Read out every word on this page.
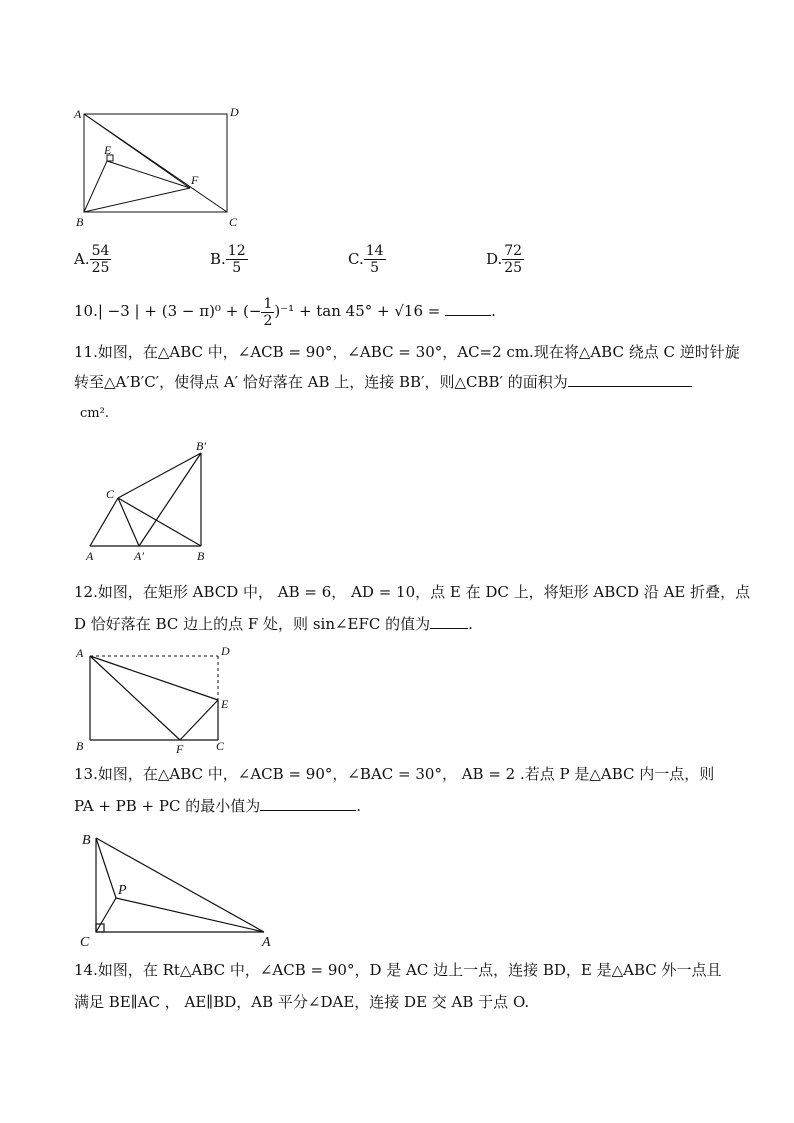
A	D
E
F
B	C
A. $\frac{54}{25}$	B. $\frac{12}{5}$	C. $\frac{14}{5}$	D. $\frac{72}{25}$
10.| −3 | + (3 − π)⁰ + (− $\frac{1}{2} )^{-1} + \tan 45^\circ + √16$ =	.
11.如图，在△ABC 中，∠ACB = 90°，∠ABC = 30°，AC=2 cm.现在将△ABC 绕点 C 逆时针旋
转至△A′B′C′，使得点 A′ 恰好落在 AB 上，连接 BB′，则△CBB′ 的面积为
cm².
B′
C
A	A′	B
12.如图，在矩形 ABCD 中， AB = 6， AD = 10，点 E 在 DC 上，将矩形 ABCD 沿 AE 折叠，点
D 恰好落在 BC 边上的点 F 处，则 sin∠EFC 的值为	.
A	D
E
B	F	C
13.如图，在△ABC 中，∠ACB = 90°，∠BAC = 30°， AB = 2 .若点 P 是△ABC 内一点，则
PA + PB + PC 的最小值为	.
B
P
C	A
14.如图，在 Rt△ABC 中，∠ACB = 90°，D 是 AC 边上一点，连接 BD，E 是△ABC 外一点且
满足 BE∥AC ， AE∥BD，AB 平分∠DAE，连接 DE 交 AB 于点 O.
